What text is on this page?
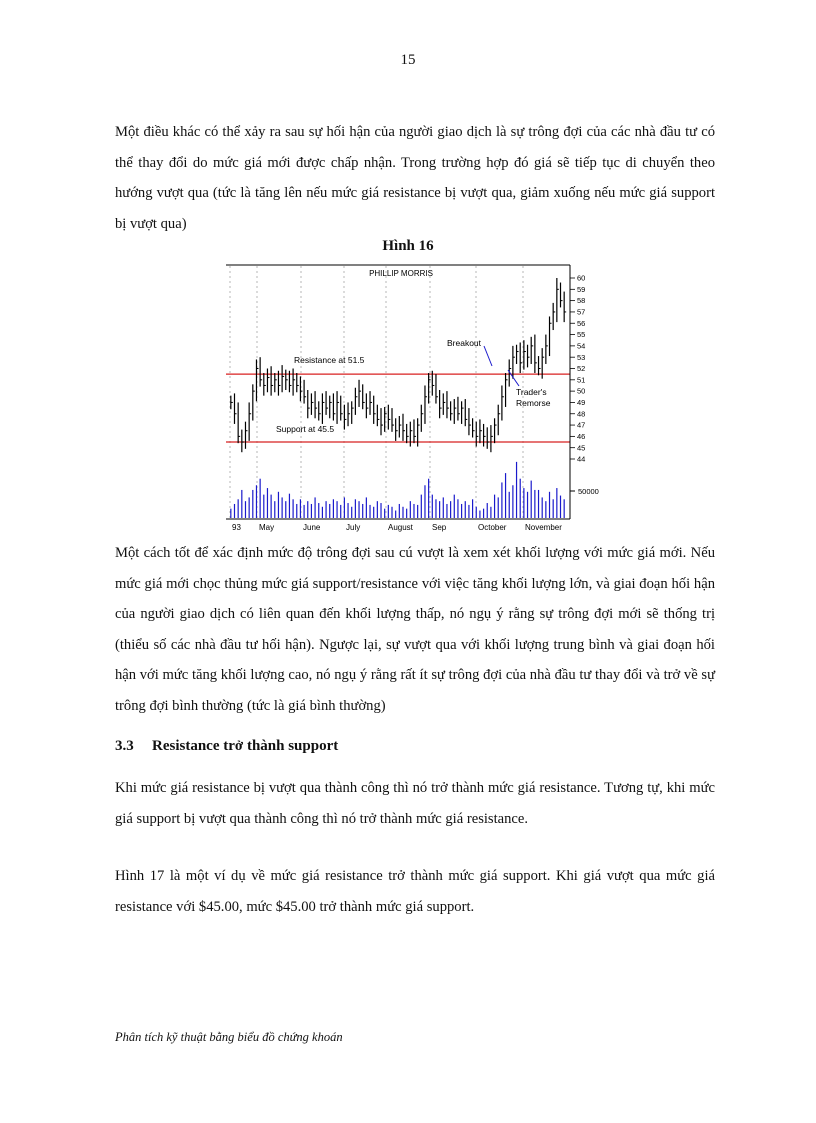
15

Một điều khác có thể xảy ra sau sự hối hận của người giao dịch là sự trông đợi của các nhà đầu tư có thể thay đổi do mức giá mới được chấp nhận. Trong trường hợp đó giá sẽ tiếp tục di chuyển theo hướng vượt qua (tức là tăng lên nếu mức giá resistance bị vượt qua, giảm xuống nếu mức giá support bị vượt qua)

Hình 16
60
59
58
57
56
55
54
53
52
51
50
49
48
47
46
45
44
PHILLIP MORRIS
Resistance at 51.5
Support at 45.5
Breakout
Trader's
Remorse
50000
93 May	June	July	August Sep	October November

Một cách tốt để xác định mức độ trông đợi sau cú vượt là xem xét khối lượng với mức giá mới. Nếu mức giá mới chọc thủng mức giá support/resistance với việc tăng khối lượng lớn, và giai đoạn hối hận của người giao dịch có liên quan đến khối lượng thấp, nó ngụ ý rằng sự trông đợi mới sẽ thống trị (thiểu số các nhà đầu tư hối hận). Ngược lại, sự vượt qua với khối lượng trung bình và giai đoạn hối hận với mức tăng khối lượng cao, nó ngụ ý rằng rất ít sự trông đợi của nhà đầu tư thay đổi và trở về sự trông đợi bình thường (tức là giá bình thường)

3.3 Resistance trở thành support

Khi mức giá resistance bị vượt qua thành công thì nó trở thành mức giá resistance. Tương tự, khi mức giá support bị vượt qua thành công thì nó trở thành mức giá resistance.

Hình 17 là một ví dụ về mức giá resistance trở thành mức giá support. Khi giá vượt qua mức giá resistance với $45.00, mức $45.00 trở thành mức giá support.

Phân tích kỹ thuật bằng biểu đồ chứng khoán
